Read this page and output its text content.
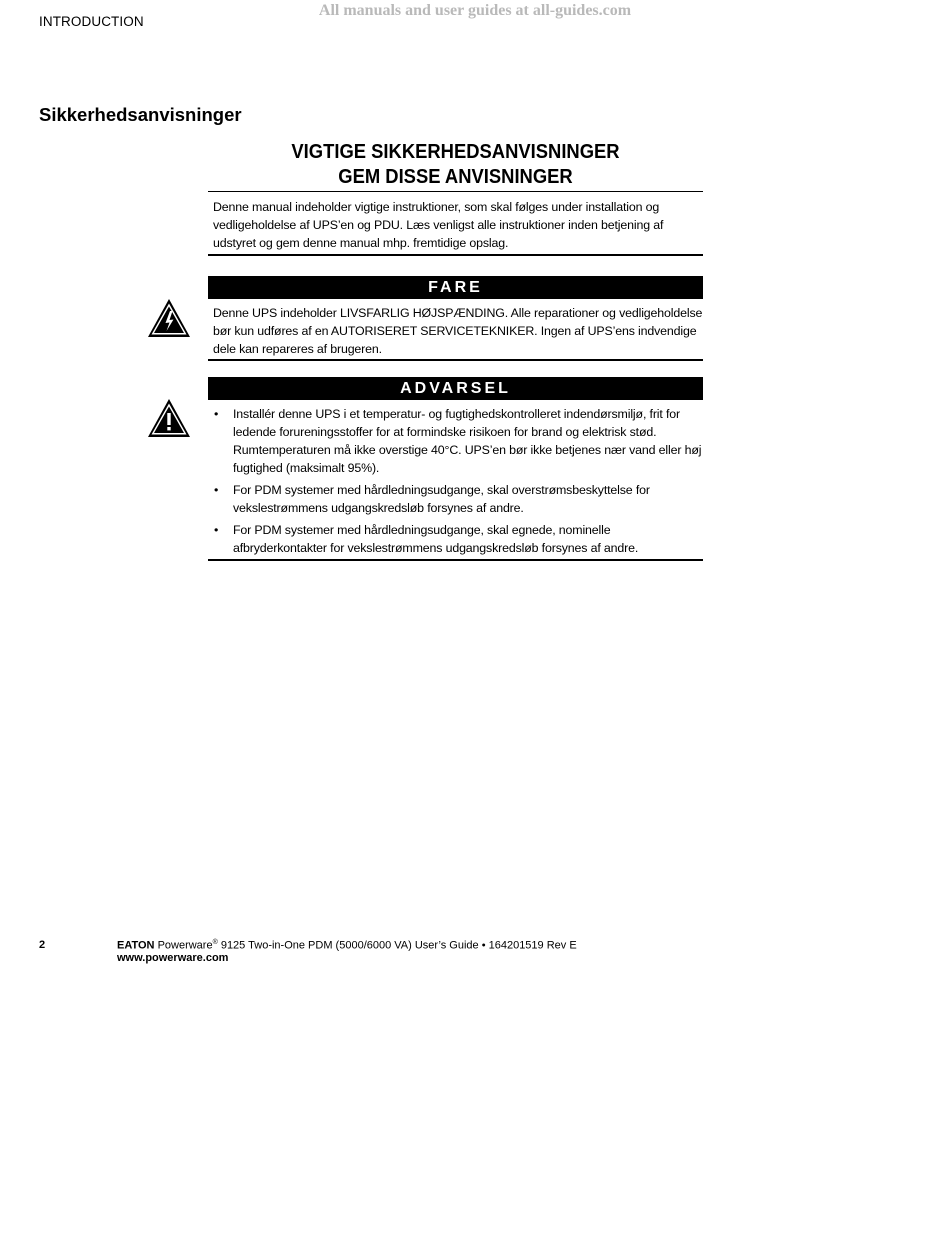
All manuals and user guides at all-guides.com
INTRODUCTION
Sikkerhedsanvisninger
VIGTIGE SIKKERHEDSANVISNINGER
GEM DISSE ANVISNINGER
Denne manual indeholder vigtige instruktioner, som skal følges under installation og vedligeholdelse af UPS’en og PDU. Læs venligst alle instruktioner inden betjening af udstyret og gem denne manual mhp. fremtidige opslag.
FARE
Denne UPS indeholder LIVSFARLIG HØJSPÆNDING. Alle reparationer og vedligeholdelse bør kun udføres af en AUTORISERET SERVICETEKNIKER. Ingen af UPS’ens indvendige dele kan repareres af brugeren.
ADVARSEL
• Installér denne UPS i et temperatur- og fugtighedskontrolleret indendørsmiljø, frit for ledende forureningsstoffer for at formindske risikoen for brand og elektrisk stød. Rumtemperaturen må ikke overstige 40°C. UPS’en bør ikke betjenes nær vand eller høj fugtighed (maksimalt 95%).
• For PDM systemer med hårdledningsudgange, skal overstrømsbeskyttelse for vekslestrømmens udgangskredsløb forsynes af andre.
• For PDM systemer med hårdledningsudgange, skal egnede, nominelle afbryderkontakter for vekslestrømmens udgangskredsløb forsynes af andre.
2	EATON Powerware® 9125 Two-in-One PDM (5000/6000 VA) User’s Guide • 164201519 Rev E
www.powerware.com
